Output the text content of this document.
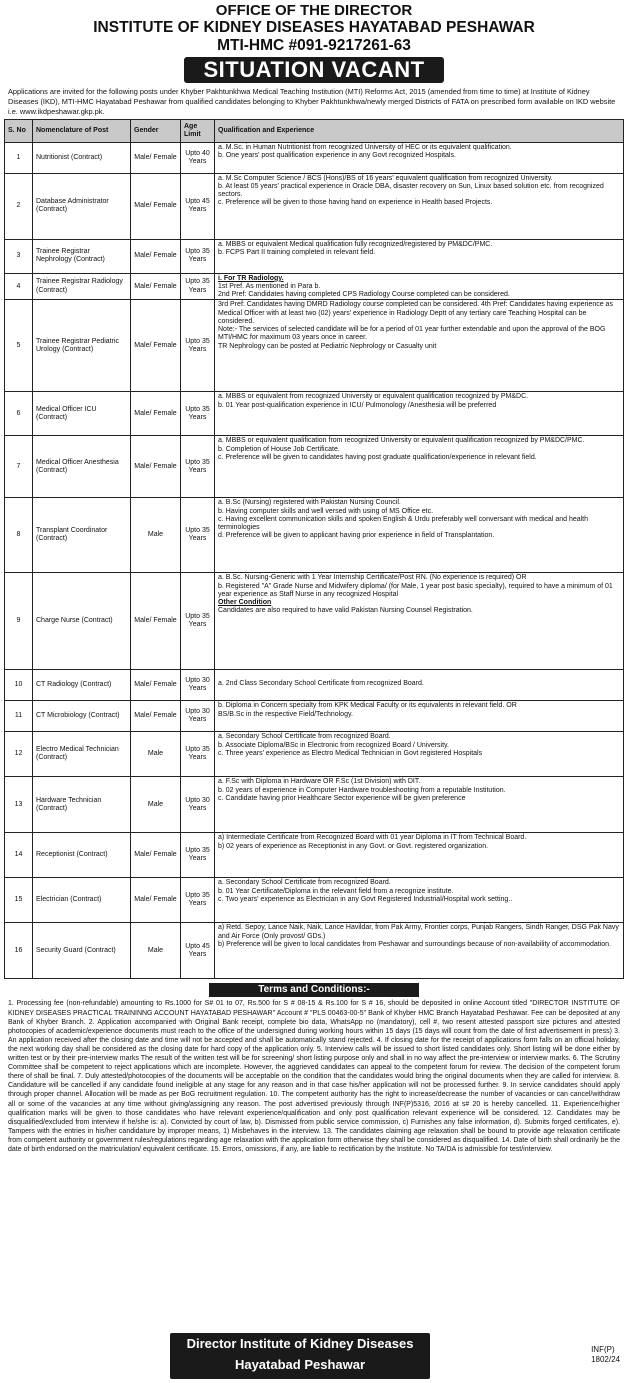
OFFICE OF THE DIRECTOR
INSTITUTE OF KIDNEY DISEASES HAYATABAD PESHAWAR
MTI-HMC #091-9217261-63
SITUATION VACANT
Applications are invited for the following posts under Khyber Pakhtunkhwa Medical Teaching Institution (MTI) Reforms Act, 2015 (amended from time to time) at Institute of Kidney Diseases (IKD), MTI-HMC Hayatabad Peshawar from qualified candidates belonging to Khyber Pakhtunkhwa/newly merged Districts of FATA on prescribed form available on IKD website i.e. www.ikdpeshawar.gkp.pk.
S. No	Nomenclature of Post	Gender	Age Limit	Qualification and Experience
1	Nutritionist (Contract)	Male/ Female	Upto 40 Years	a. M.Sc. in Human Nutritionist from recognized University of HEC or its equivalent qualification.
b. One years' post qualification experience in any Govt recognized Hospitals.

2	Database Administrator (Contract)	Male/ Female	Upto 45 Years	a. M.Sc Computer Science / BCS (Hons)/BS of 16 years' equivalent qualification from recognized University.
b. At least 05 years' practical experience in Oracle DBA, disaster recovery on Sun, Linux based solution etc. from recognized sectors.
c. Preference will be given to those having hand on experience in Health based Projects.

3	Trainee Registrar Nephrology (Contract)	Male/ Female	Upto 35 Years	a. MBBS or equivalent Medical qualification fully recognized/registered by PM&DC/PMC.
b. FCPS Part II training completed in relevant field.

4	Trainee Registrar Radiology (Contract)	Male/ Female	Upto 35 Years	i. For TR Radiology.
1st Pref. As mentioned in Para b.
2nd Pref: Candidates having completed CPS Radiology Course completed can be considered.

5	Trainee Registrar Pediatric Urology (Contract)	Male/ Female	Upto 35 Years	3rd Pref: Candidates having DMRD Radiology course completed can be considered. 4th Pref: Candidates having experience as Medical Officer with at least two (02) years' experience in Radiology Deptt of any tertiary care Teaching Hospital can be considered.
Note:- The services of selected candidate will be for a period of 01 year further extendable and upon the approval of the BOG MTI/HMC for maximum 03 years once in career.
TR Nephrology can be posted at Pediatric Nephrology or Casualty unit

6	Medical Officer ICU (Contract)	Male/ Female	Upto 35 Years	a. MBBS or equivalent from recognized University or equivalent qualification recognized by PM&DC.
b. 01 Year post-qualification experience in ICU/ Pulmonology /Anesthesia will be preferred

7	Medical Officer Anesthesia (Contract)	Male/ Female	Upto 35 Years	a. MBBS or equivalent qualification from recognized University or equivalent qualification recognized by PM&DC/PMC.
b. Completion of House Job Certificate.
c. Preference will be given to candidates having post graduate qualification/experience in relevant field.

8	Transplant Coordinator (Contract)	Male	Upto 35 Years	a. B.Sc (Nursing) registered with Pakistan Nursing Council.
b. Having computer skills and well versed with using of MS Office etc.
c. Having excellent communication skills and spoken English & Urdu preferably well conversant with medical and health terminologies
d. Preference will be given to applicant having prior experience in field of Transplantation.

9	Charge Nurse (Contract)	Male/ Female	Upto 35 Years	a. B.Sc. Nursing-Generic with 1 Year Internship Certificate/Post RN. (No experience is required) OR
b. Registered "A" Grade Nurse and Midwifery diploma/ (for Male, 1 year post basic specialty), required to have a minimum of 01 year experience as Staff Nurse in any recognized Hospital
Other Condition
Candidates are also required to have valid Pakistan Nursing Counsel Registration.

10	CT Radiology (Contract)	Male/ Female	Upto 30 Years	a. 2nd Class Secondary School Certificate from recognized Board.

11	CT Microbiology (Contract)	Male/ Female	Upto 30 Years	b. Diploma in Concern specialty from KPK Medical Faculty or its equivalents in relevant field. OR
BS/B.Sc in the respective Field/Technology.

12	Electro Medical Technician (Contract)	Male	Upto 35 Years	a. Secondary School Certificate from recognized Board.
b. Associate Diploma/BSc in Electronic from recognized Board / University.
c. Three years' experience as Electro Medical Technician in Govt registered Hospitals

13	Hardware Technician (Contract)	Male	Upto 30 Years	a. F.Sc with Diploma in Hardware OR F.Sc (1st Division) with DIT.
b. 02 years of experience in Computer Hardware troubleshooting from a reputable Institution.
c. Candidate having prior Healthcare Sector experience will be given preference

14	Receptionist (Contract)	Male/ Female	Upto 35 Years	a) Intermediate Certificate from Recognized Board with 01 year Diploma in IT from Technical Board.
b) 02 years of experience as Receptionist in any Govt. or Govt. registered organization.

15	Electrician (Contract)	Male/ Female	Upto 35 Years	a. Secondary School Certificate from recognized Board.
b. 01 Year Certificate/Diploma in the relevant field from a recognize institute.
c. Two years' experience as Electrician in any Govt Registered Industrial/Hospital work setting..

16	Security Guard (Contract)	Male	Upto 45 Years	a) Retd. Sepoy, Lance Naik, Naik, Lance Havildar, from Pak Army, Frontier corps, Punjab Rangers, Sindh Ranger, DSG Pak Navy and Air Force (Only provost/ GDs.)
b) Preference will be given to local candidates from Peshawar and surroundings because of non-availability of accommodation.
Terms and Conditions:-
1. Processing fee (non-refundable) amounting to Rs.1000 for S# 01 to 07, Rs.500 for S # 08-15 & Rs.100 for S # 16, should be deposited in online Account titled "DIRECTOR INSTITUTE OF KIDNEY DISEASES PRACTICAL TRAININNG ACCOUNT HAYATABAD PESHAWAR" Account # "PLS 00463-00-5" Bank of Khyber HMC Branch Hayatabad Peshawar. Fee can be deposited at any Bank of Khyber Branch. 2. Application accompanied with Original Bank receipt, complete bio data, WhatsApp no (mandatory), cell #, two resent attested passport size pictures and attested photocopies of academic/experience documents must reach to the office of the undersigned during working hours within 15 days (15 days will count from the date of first advertisement in press) 3. An application received after the closing date and time will not be accepted and shall be automatically stand rejected. 4. If closing date for the receipt of applications form falls on an official holiday, the next working day shall be considered as the closing date for hard copy of the application only. 5. Interview calls will be issued to short listed candidates only. Short listing will be done either by written test or by their pre-interview marks The result of the written test will be for screening/ short listing purpose only and shall in no way affect the pre-interview or interview marks. 6. The Scrutiny Committee shall be competent to reject applications which are incomplete. However, the aggrieved candidates can appeal to the competent forum for review. The decision of the competent forum there of shall be final. 7. Duly attested/photocopies of the documents will be acceptable on the condition that the candidates would bring the original documents when they are called for interview. 8. Candidature will be cancelled if any candidate found ineligible at any stage for any reason and in that case his/her application will not be processed further. 9. In service candidates should apply through proper channel. Allocation will be made as per BoG recruitment regulation. 10. The competent authority has the right to increase/decrease the number of vacancies or can cancel/withdraw all or some of the vacancies at any time without giving/assigning any reason. The post advertised previously through INF(P)5316, 2016 at s# 20 is hereby cancelled. 11. Experience/higher qualification marks will be given to those candidates who have relevant experience/qualification and only post qualification relevant experience will be considered. 12. Candidates may be disqualified/excluded from interview if he/she is: a). Convicted by court of law, b). Dismissed from public service commission, c) Furnishes any false information, d). Submits forged certificates, e). Tampers with the entries in his/her candidature by improper means, 1) Misbehaves in the interview. 13. The candidates claiming age relaxation shall be bound to provide age relaxation certificate from competent authority or government rules/regulations regarding age relaxation with the application form otherwise they shall be considered as disqualified. 14. Date of birth shall ordinarily be the date of birth endorsed on the matriculation/ equivalent certificate. 15. Errors, omissions, if any, are liable to rectification by the Institute. No TA/DA is admissible for test/interview.
Director Institute of Kidney Diseases
Hayatabad Peshawar
INF(P)
1802/24
